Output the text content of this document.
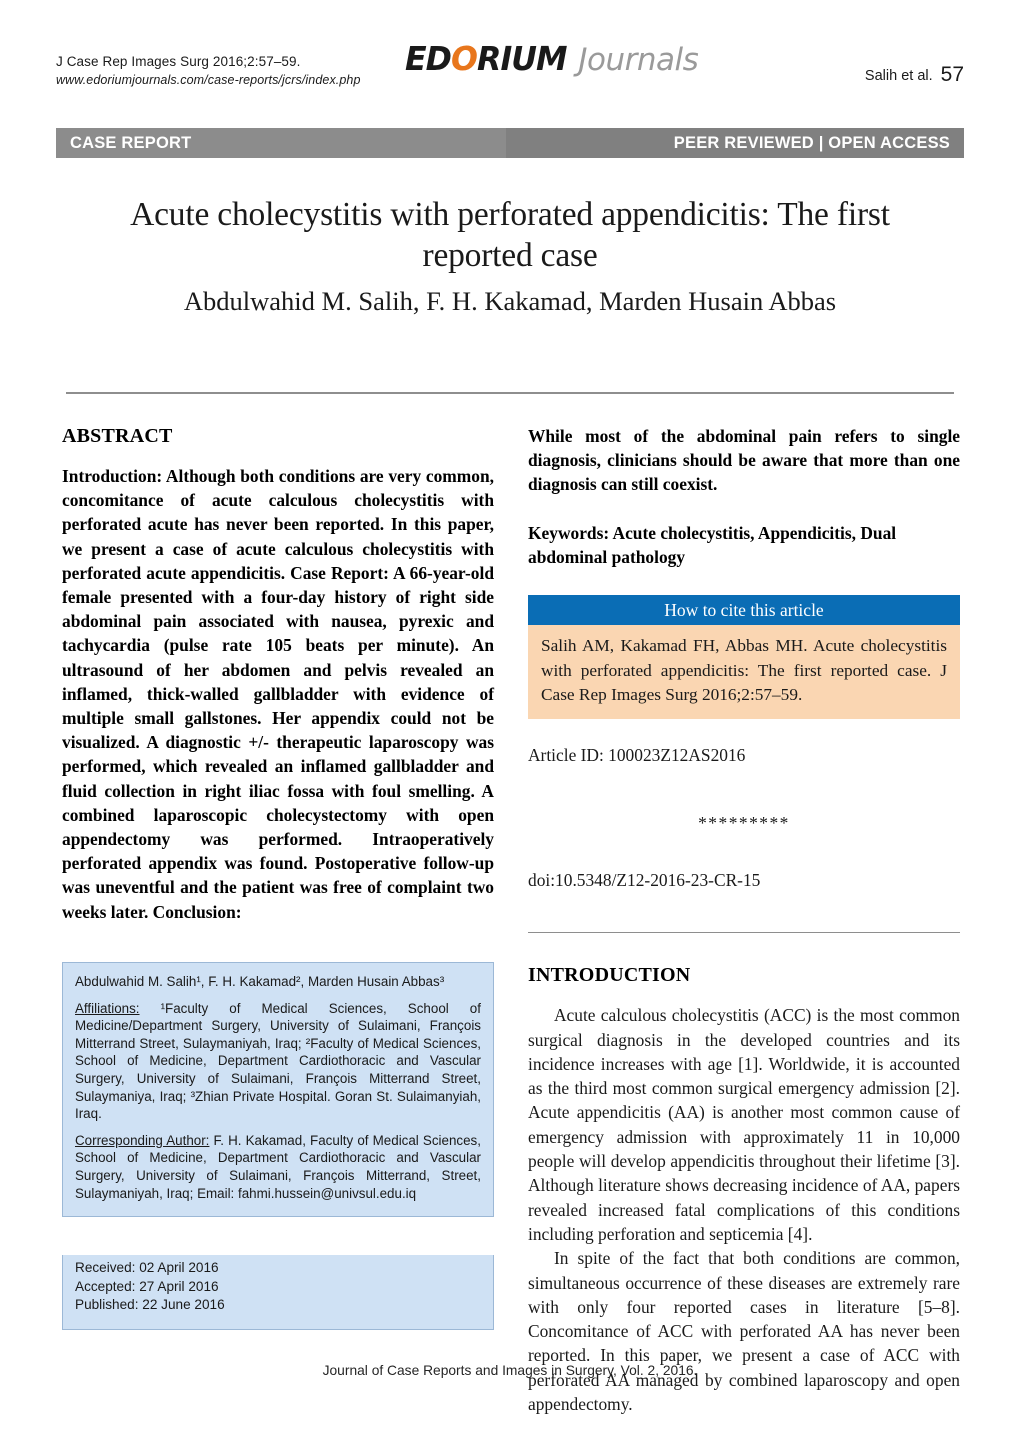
J Case Rep Images Surg 2016;2:57–59.
www.edoriumjournals.com/case-reports/jcrs/index.php
EDORIUM Journals	Salih et al. 57
CASE REPORT	PEER REVIEWED | OPEN ACCESS
Acute cholecystitis with perforated appendicitis: The first reported case
Abdulwahid M. Salih, F. H. Kakamad, Marden Husain Abbas
ABSTRACT

Introduction: Although both conditions are very common, concomitance of acute calculous cholecystitis with perforated acute has never been reported. In this paper, we present a case of acute calculous cholecystitis with perforated acute appendicitis. Case Report: A 66-year-old female presented with a four-day history of right side abdominal pain associated with nausea, pyrexic and tachycardia (pulse rate 105 beats per minute). An ultrasound of her abdomen and pelvis revealed an inflamed, thick-walled gallbladder with evidence of multiple small gallstones. Her appendix could not be visualized. A diagnostic +/- therapeutic laparoscopy was performed, which revealed an inflamed gallbladder and fluid collection in right iliac fossa with foul smelling. A combined laparoscopic cholecystectomy with open appendectomy was performed. Intraoperatively perforated appendix was found. Postoperative follow-up was uneventful and the patient was free of complaint two weeks later. Conclusion:

While most of the abdominal pain refers to single diagnosis, clinicians should be aware that more than one diagnosis can still coexist.

Keywords: Acute cholecystitis, Appendicitis, Dual abdominal pathology

How to cite this article
Salih AM, Kakamad FH, Abbas MH. Acute cholecystitis with perforated appendicitis: The first reported case. J Case Rep Images Surg 2016;2:57–59.

Article ID: 100023Z12AS2016

*********

doi:10.5348/Z12-2016-23-CR-15

INTRODUCTION

Acute calculous cholecystitis (ACC) is the most common surgical diagnosis in the developed countries and its incidence increases with age [1]. Worldwide, it is accounted as the third most common surgical emergency admission [2]. Acute appendicitis (AA) is another most common cause of emergency admission with approximately 11 in 10,000 people will develop appendicitis throughout their lifetime [3]. Although literature shows decreasing incidence of AA, papers revealed increased fatal complications of this conditions including perforation and septicemia [4].

In spite of the fact that both conditions are common, simultaneous occurrence of these diseases are extremely rare with only four reported cases in literature [5–8]. Concomitance of ACC with perforated AA has never been reported. In this paper, we present a case of ACC with perforated AA managed by combined laparoscopy and open appendectomy.

Abdulwahid M. Salih¹, F. H. Kakamad², Marden Husain Abbas³
Affiliations: ¹Faculty of Medical Sciences, School of Medicine/Department Surgery, University of Sulaimani, François Mitterrand Street, Sulaymaniyah, Iraq; ²Faculty of Medical Sciences, School of Medicine, Department Cardiothoracic and Vascular Surgery, University of Sulaimani, François Mitterrand Street, Sulaymaniya, Iraq; ³Zhian Private Hospital. Goran St. Sulaimanyiah, Iraq.
Corresponding Author: F. H. Kakamad, Faculty of Medical Sciences, School of Medicine, Department Cardiothoracic and Vascular Surgery, University of Sulaimani, François Mitterrand, Street, Sulaymaniyah, Iraq; Email: fahmi.hussein@univsul.edu.iq
Received: 02 April 2016
Accepted: 27 April 2016
Published: 22 June 2016
Journal of Case Reports and Images in Surgery, Vol. 2, 2016.
